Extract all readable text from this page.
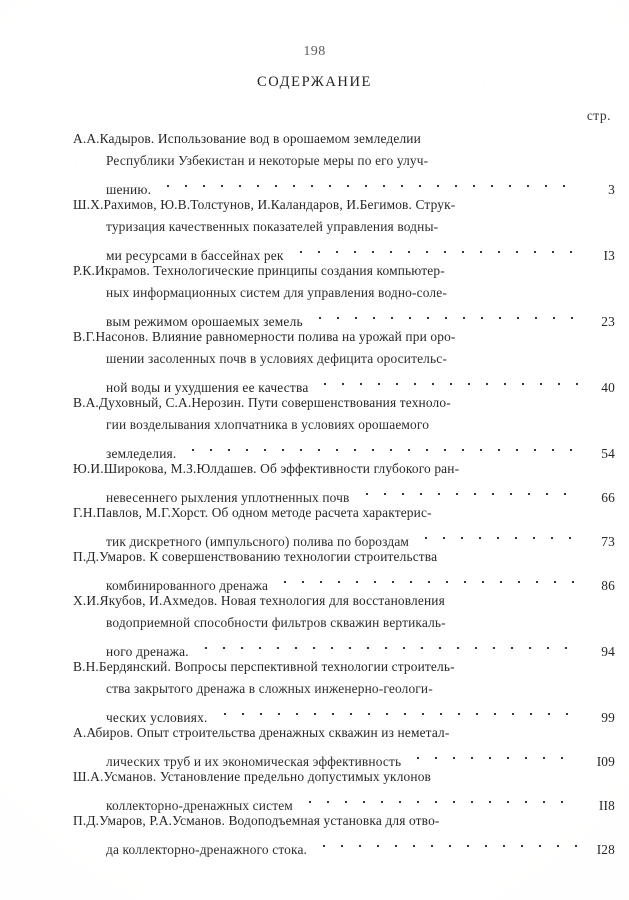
198
СОДЕРЖАНИЕ
стр.
А.А.Кадыров. Использование вод в орошаемом земледелии
Республики Узбекистан и некоторые меры по его улуч-
шению.	3
Ш.Х.Рахимов, Ю.В.Толстунов, И.Каландаров, И.Бегимов. Струк-
туризация качественных показателей управления водны-
ми ресурсами в бассейнах рек	I3
Р.К.Икрамов. Технологические принципы создания компьютер-
ных информационных систем для управления водно-соле-
вым режимом орошаемых земель	23
В.Г.Насонов. Влияние равномерности полива на урожай при оро-
шении засоленных почв в условиях дефицита оросительс-
ной воды и ухудшения ее качества	40
В.А.Духовный, С.А.Нерозин. Пути совершенствования техноло-
гии возделывания хлопчатника в условиях орошаемого
земледелия.	54
Ю.И.Широкова, М.З.Юлдашев. Об эффективности глубокого ран-
невесеннего рыхления уплотненных почв	66
Г.Н.Павлов, М.Г.Хорст. Об одном методе расчета характерис-
тик дискретного (импульсного) полива по бороздам	73
П.Д.Умаров. К совершенствованию технологии строительства
комбинированного дренажа	86
Х.И.Якубов, И.Ахмедов. Новая технология для восстановления
водоприемной способности фильтров скважин вертикаль-
ного дренажа.	94
В.Н.Бердянский. Вопросы перспективной технологии строитель-
ства закрытого дренажа в сложных инженерно-геологи-
ческих условиях.	99
А.Абиров. Опыт строительства дренажных скважин из неметал-
лических труб и их экономическая эффективность	I09
Ш.А.Усманов. Установление предельно допустимых уклонов
коллекторно-дренажных систем	II8
П.Д.Умаров, Р.А.Усманов. Водоподъемная установка для отво-
да коллекторно-дренажного стока.	I28
